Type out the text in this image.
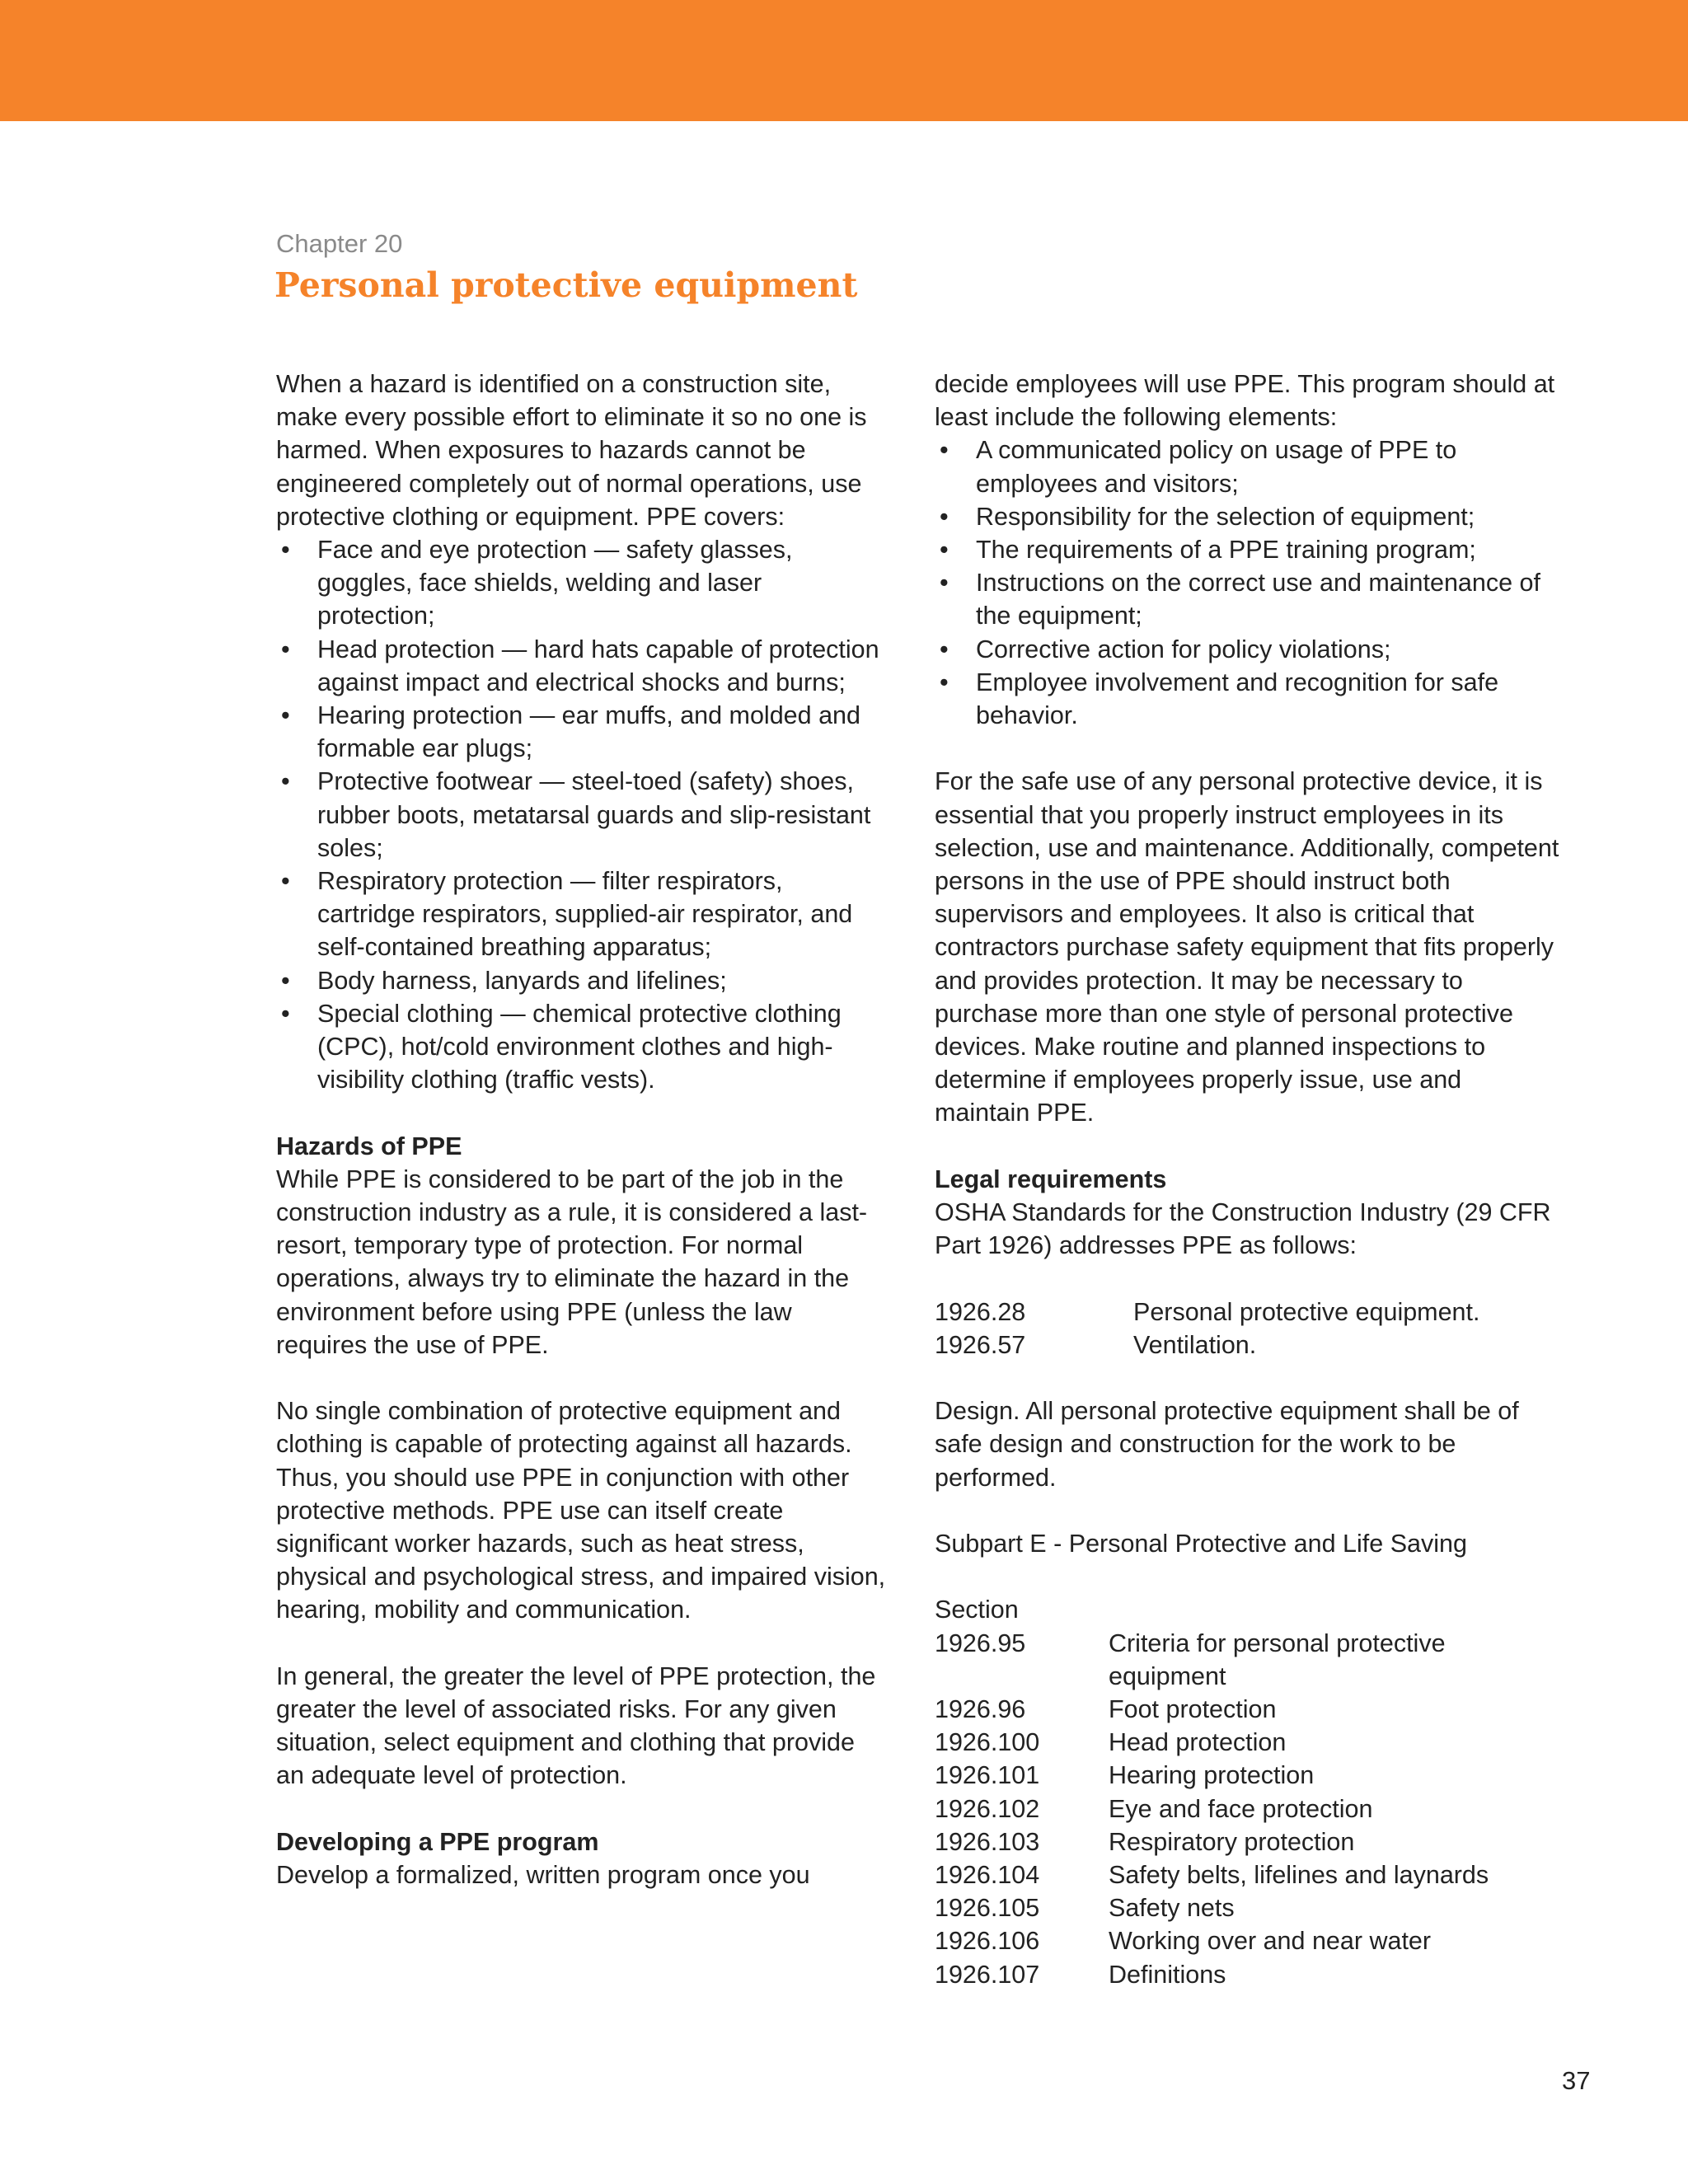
Chapter 20
Personal protective equipment

When a hazard is identified on a construction site, make every possible effort to eliminate it so no one is harmed. When exposures to hazards cannot be engineered completely out of normal operations, use protective clothing or equipment. PPE covers:

• Face and eye protection — safety glasses, goggles, face shields, welding and laser protection;
• Head protection — hard hats capable of protection against impact and electrical shocks and burns;
• Hearing protection — ear muffs, and molded and formable ear plugs;
• Protective footwear — steel-toed (safety) shoes, rubber boots, metatarsal guards and slip-resistant soles;
• Respiratory protection — filter respirators, cartridge respirators, supplied-air respirator, and self-contained breathing apparatus;
• Body harness, lanyards and lifelines;
• Special clothing — chemical protective clothing (CPC), hot/cold environment clothes and high-visibility clothing (traffic vests).

Hazards of PPE

While PPE is considered to be part of the job in the construction industry as a rule, it is considered a last-resort, temporary type of protection. For normal operations, always try to eliminate the hazard in the environment before using PPE (unless the law requires the use of PPE.

No single combination of protective equipment and clothing is capable of protecting against all hazards. Thus, you should use PPE in conjunction with other protective methods. PPE use can itself create significant worker hazards, such as heat stress, physical and psychological stress, and impaired vision, hearing, mobility and communication.

In general, the greater the level of PPE protection, the greater the level of associated risks. For any given situation, select equipment and clothing that provide an adequate level of protection.

Developing a PPE program

Develop a formalized, written program once you

decide employees will use PPE. This program should at least include the following elements:

• A communicated policy on usage of PPE to employees and visitors;
• Responsibility for the selection of equipment;
• The requirements of a PPE training program;
• Instructions on the correct use and maintenance of the equipment;
• Corrective action for policy violations;
• Employee involvement and recognition for safe behavior.

For the safe use of any personal protective device, it is essential that you properly instruct employees in its selection, use and maintenance. Additionally, competent persons in the use of PPE should instruct both supervisors and employees. It also is critical that contractors purchase safety equipment that fits properly and provides protection. It may be necessary to purchase more than one style of personal protective devices. Make routine and planned inspections to determine if employees properly issue, use and maintain PPE.

Legal requirements

OSHA Standards for the Construction Industry (29 CFR Part 1926) addresses PPE as follows:

1926.28	Personal protective equipment.
1926.57	Ventilation.

Design. All personal protective equipment shall be of safe design and construction for the work to be performed.

Subpart E - Personal Protective and Life Saving

Section

1926.95	Criteria for personal protective equipment
1926.96	Foot protection
1926.100	Head protection
1926.101	Hearing protection
1926.102	Eye and face protection
1926.103	Respiratory protection
1926.104	Safety belts, lifelines and laynards
1926.105	Safety nets
1926.106	Working over and near water
1926.107	Definitions
37
